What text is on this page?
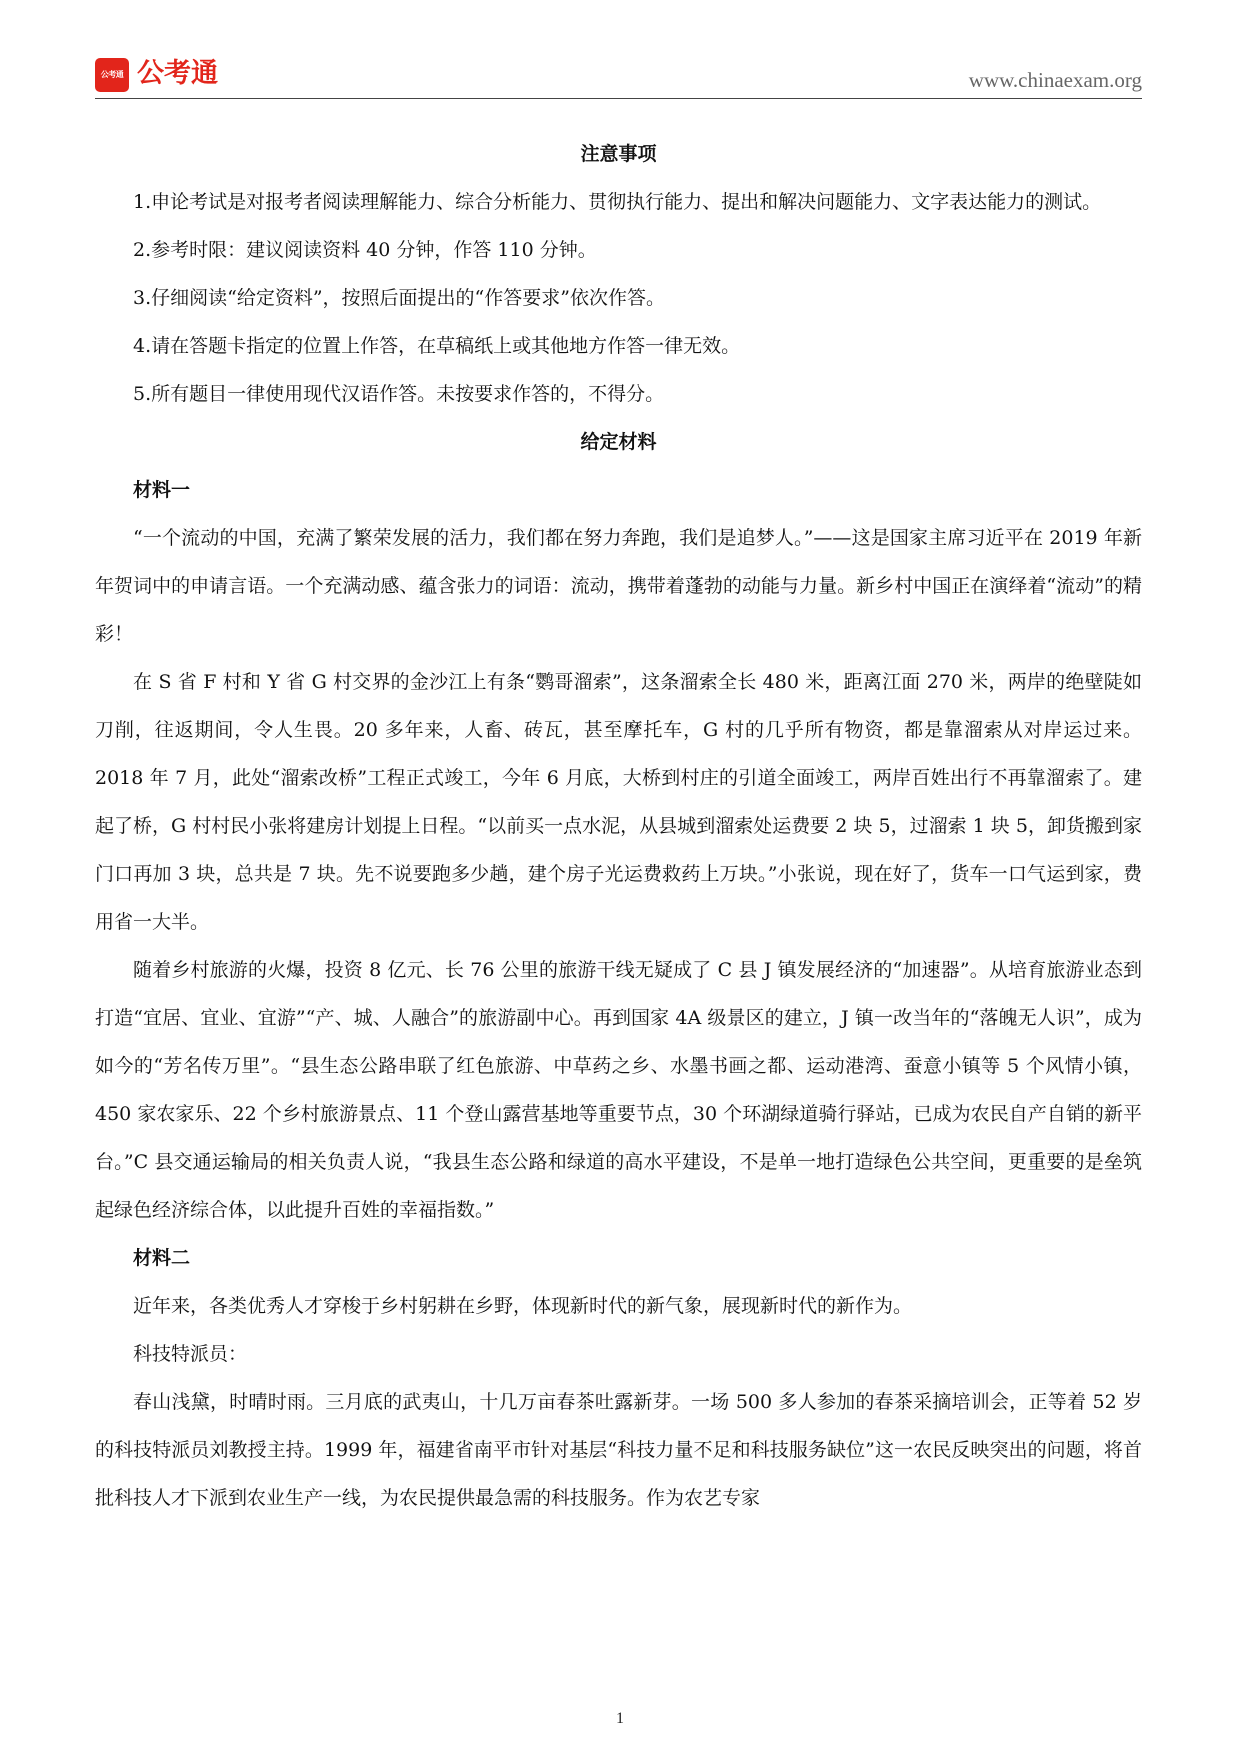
公考通 公考通	www.chinaexam.org

注意事项

1.申论考试是对报考者阅读理解能力、综合分析能力、贯彻执行能力、提出和解决问题能力、文字表达能力的测试。

2.参考时限：建议阅读资料 40 分钟，作答 110 分钟。

3.仔细阅读“给定资料”，按照后面提出的“作答要求”依次作答。

4.请在答题卡指定的位置上作答，在草稿纸上或其他地方作答一律无效。

5.所有题目一律使用现代汉语作答。未按要求作答的，不得分。

给定材料

材料一

“一个流动的中国，充满了繁荣发展的活力，我们都在努力奔跑，我们是追梦人。”——这是国家主席习近平在 2019 年新年贺词中的申请言语。一个充满动感、蕴含张力的词语：流动，携带着蓬勃的动能与力量。新乡村中国正在演绎着“流动”的精彩！

在 S 省 F 村和 Y 省 G 村交界的金沙江上有条“鹦哥溜索”，这条溜索全长 480 米，距离江面 270 米，两岸的绝壁陡如刀削，往返期间，令人生畏。20 多年来，人畜、砖瓦，甚至摩托车，G 村的几乎所有物资，都是靠溜索从对岸运过来。2018 年 7 月，此处“溜索改桥”工程正式竣工，今年 6 月底，大桥到村庄的引道全面竣工，两岸百姓出行不再靠溜索了。建起了桥，G 村村民小张将建房计划提上日程。“以前买一点水泥，从县城到溜索处运费要 2 块 5，过溜索 1 块 5，卸货搬到家门口再加 3 块，总共是 7 块。先不说要跑多少趟，建个房子光运费救药上万块。”小张说，现在好了，货车一口气运到家，费用省一大半。

随着乡村旅游的火爆，投资 8 亿元、长 76 公里的旅游干线无疑成了 C 县 J 镇发展经济的“加速器”。从培育旅游业态到打造“宜居、宜业、宜游”“产、城、人融合”的旅游副中心。再到国家 4A 级景区的建立，J 镇一改当年的“落魄无人识”，成为如今的“芳名传万里”。“县生态公路串联了红色旅游、中草药之乡、水墨书画之都、运动港湾、蚕意小镇等 5 个风情小镇，450 家农家乐、22 个乡村旅游景点、11 个登山露营基地等重要节点，30 个环湖绿道骑行驿站，已成为农民自产自销的新平台。”C 县交通运输局的相关负责人说，“我县生态公路和绿道的高水平建设，不是单一地打造绿色公共空间，更重要的是垒筑起绿色经济综合体，以此提升百姓的幸福指数。”

材料二

近年来，各类优秀人才穿梭于乡村躬耕在乡野，体现新时代的新气象，展现新时代的新作为。

科技特派员：

春山浅黛，时晴时雨。三月底的武夷山，十几万亩春茶吐露新芽。一场 500 多人参加的春茶采摘培训会，正等着 52 岁的科技特派员刘教授主持。1999 年，福建省南平市针对基层“科技力量不足和科技服务缺位”这一农民反映突出的问题，将首批科技人才下派到农业生产一线，为农民提供最急需的科技服务。作为农艺专家

1
